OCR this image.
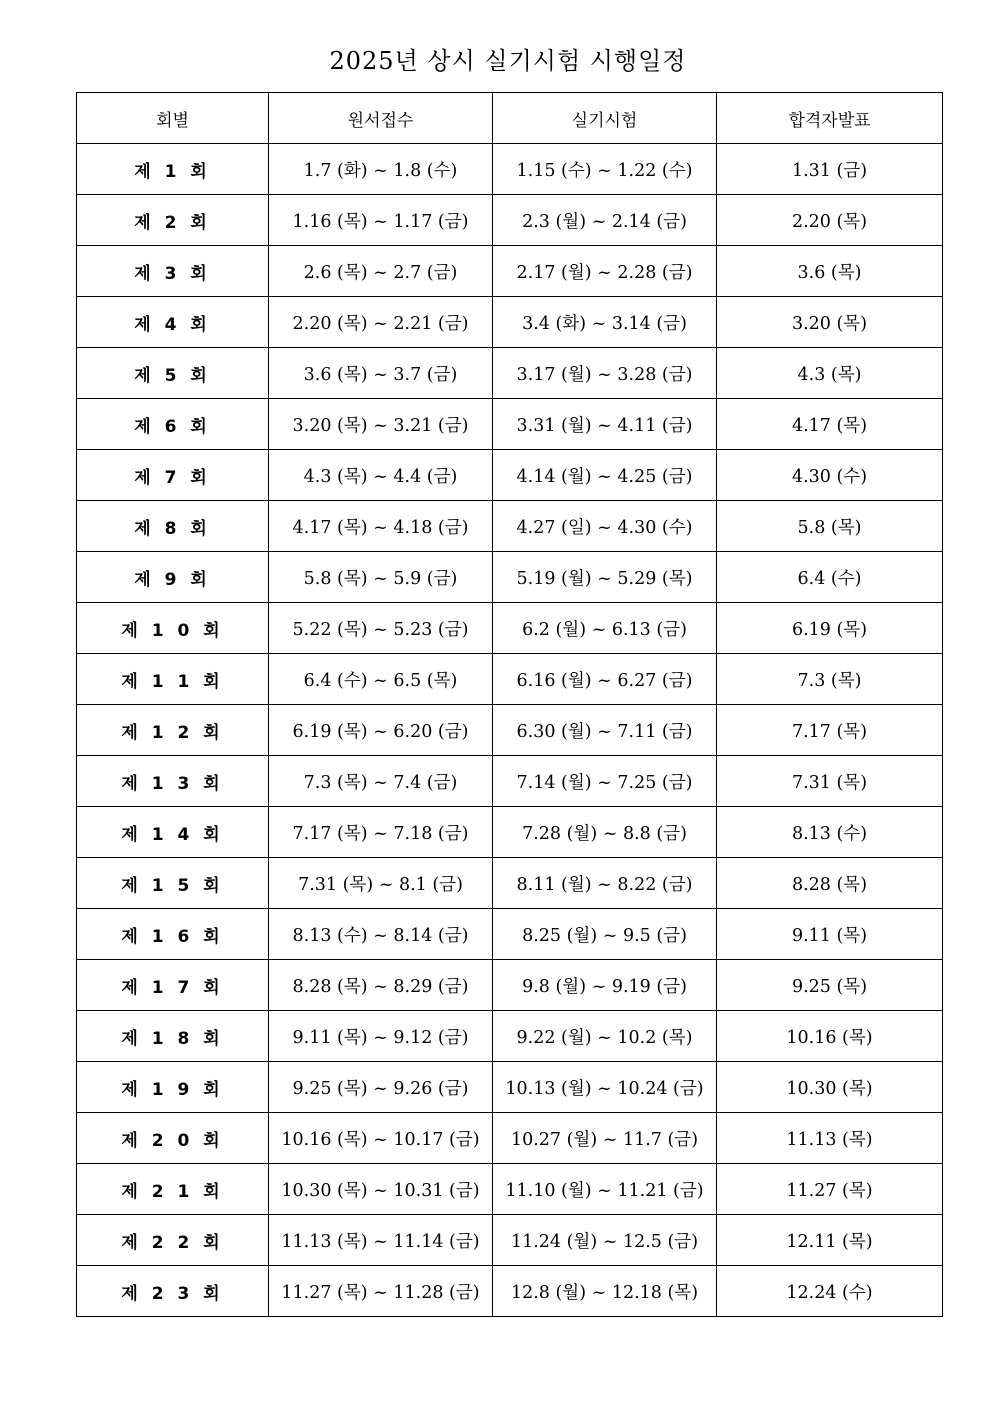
2025년 상시 실기시험 시행일정
회별	원서접수	실기시험	합격자발표
제 1 회	1.7 (화) ~ 1.8 (수)	1.15 (수) ~ 1.22 (수)	1.31 (금)
제 2 회	1.16 (목) ~ 1.17 (금)	2.3 (월) ~ 2.14 (금)	2.20 (목)
제 3 회	2.6 (목) ~ 2.7 (금)	2.17 (월) ~ 2.28 (금)	3.6 (목)
제 4 회	2.20 (목) ~ 2.21 (금)	3.4 (화) ~ 3.14 (금)	3.20 (목)
제 5 회	3.6 (목) ~ 3.7 (금)	3.17 (월) ~ 3.28 (금)	4.3 (목)
제 6 회	3.20 (목) ~ 3.21 (금)	3.31 (월) ~ 4.11 (금)	4.17 (목)
제 7 회	4.3 (목) ~ 4.4 (금)	4.14 (월) ~ 4.25 (금)	4.30 (수)
제 8 회	4.17 (목) ~ 4.18 (금)	4.27 (일) ~ 4.30 (수)	5.8 (목)
제 9 회	5.8 (목) ~ 5.9 (금)	5.19 (월) ~ 5.29 (목)	6.4 (수)
제 1 0 회	5.22 (목) ~ 5.23 (금)	6.2 (월) ~ 6.13 (금)	6.19 (목)
제 1 1 회	6.4 (수) ~ 6.5 (목)	6.16 (월) ~ 6.27 (금)	7.3 (목)
제 1 2 회	6.19 (목) ~ 6.20 (금)	6.30 (월) ~ 7.11 (금)	7.17 (목)
제 1 3 회	7.3 (목) ~ 7.4 (금)	7.14 (월) ~ 7.25 (금)	7.31 (목)
제 1 4 회	7.17 (목) ~ 7.18 (금)	7.28 (월) ~ 8.8 (금)	8.13 (수)
제 1 5 회	7.31 (목) ~ 8.1 (금)	8.11 (월) ~ 8.22 (금)	8.28 (목)
제 1 6 회	8.13 (수) ~ 8.14 (금)	8.25 (월) ~ 9.5 (금)	9.11 (목)
제 1 7 회	8.28 (목) ~ 8.29 (금)	9.8 (월) ~ 9.19 (금)	9.25 (목)
제 1 8 회	9.11 (목) ~ 9.12 (금)	9.22 (월) ~ 10.2 (목)	10.16 (목)
제 1 9 회	9.25 (목) ~ 9.26 (금)	10.13 (월) ~ 10.24 (금)	10.30 (목)
제 2 0 회	10.16 (목) ~ 10.17 (금)	10.27 (월) ~ 11.7 (금)	11.13 (목)
제 2 1 회	10.30 (목) ~ 10.31 (금)	11.10 (월) ~ 11.21 (금)	11.27 (목)
제 2 2 회	11.13 (목) ~ 11.14 (금)	11.24 (월) ~ 12.5 (금)	12.11 (목)
제 2 3 회	11.27 (목) ~ 11.28 (금)	12.8 (월) ~ 12.18 (목)	12.24 (수)
